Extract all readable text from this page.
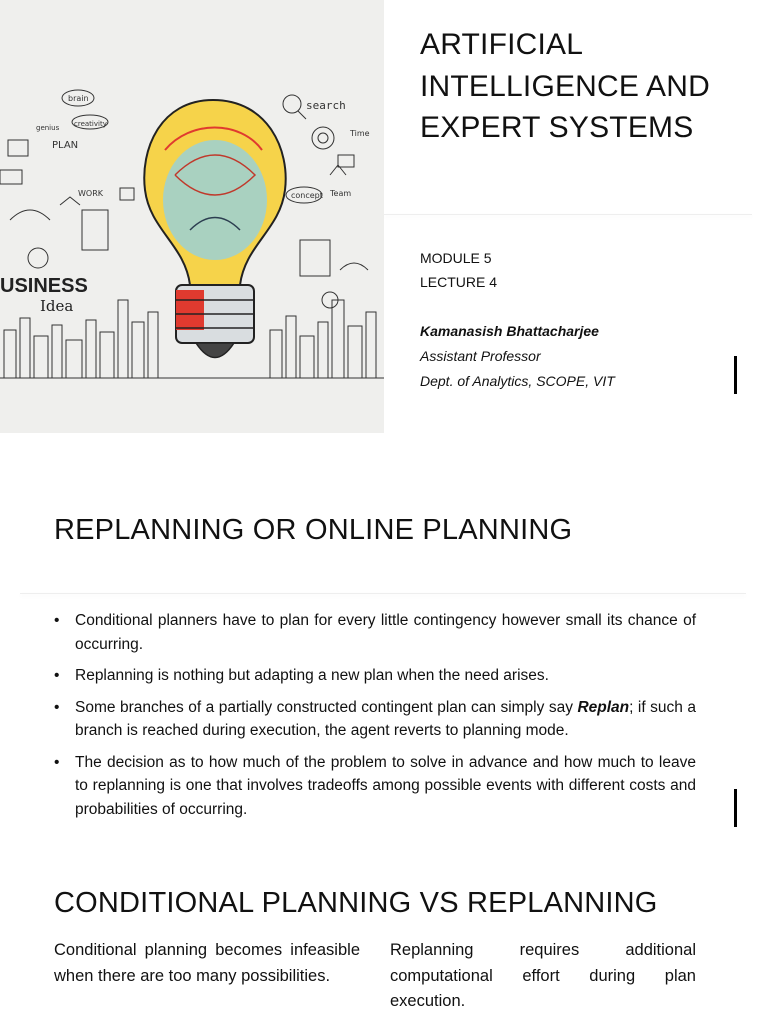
search
USINESS
Idea
PLAN
brain
concept Team
WORK
Time
creativity
genius
ARTIFICIAL INTELLIGENCE AND EXPERT SYSTEMS
MODULE 5
LECTURE 4
Kamanasish Bhattacharjee
Assistant Professor
Dept. of Analytics, SCOPE, VIT
REPLANNING OR ONLINE PLANNING
• Conditional planners have to plan for every little contingency however small its chance of occurring.
• Replanning is nothing but adapting a new plan when the need arises.
• Some branches of a partially constructed contingent plan can simply say Replan; if such a branch is reached during execution, the agent reverts to planning mode.
• The decision as to how much of the problem to solve in advance and how much to leave to replanning is one that involves tradeoffs among possible events with different costs and probabilities of occurring.
CONDITIONAL PLANNING VS REPLANNING

Conditional planning becomes infeasible when there are too many possibilities.

Replanning requires additional computational effort during plan execution.
